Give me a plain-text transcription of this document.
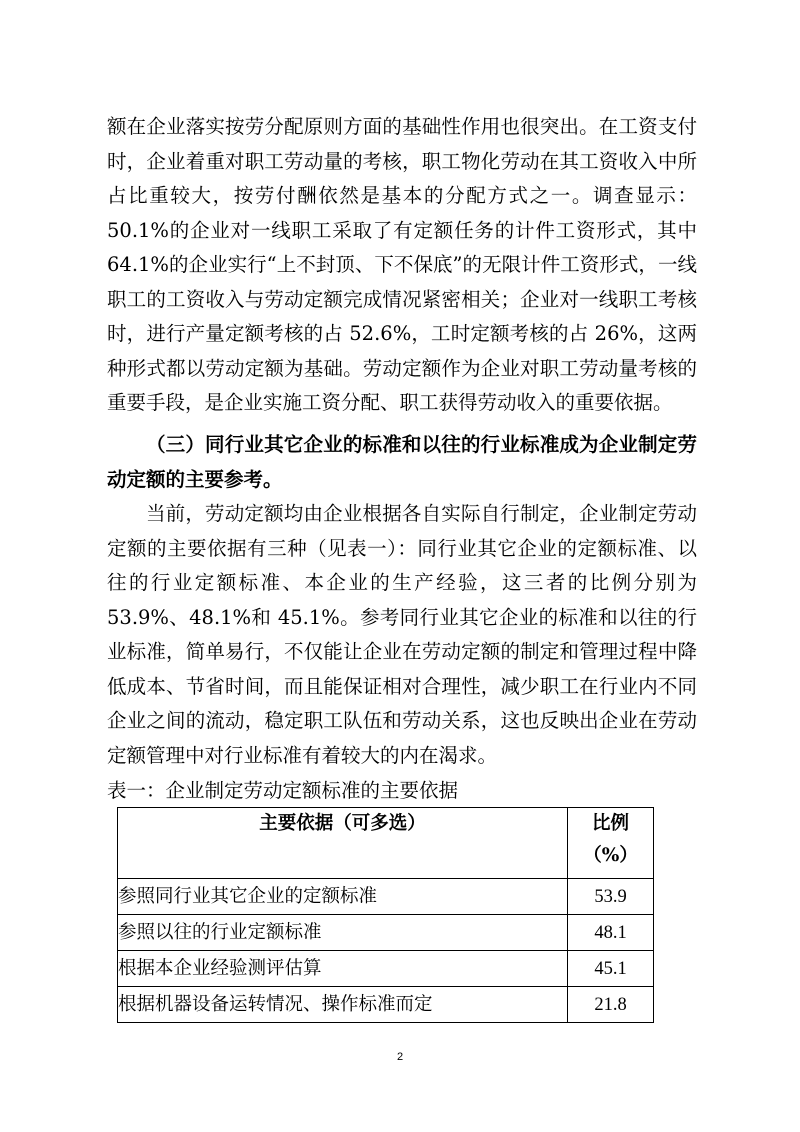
额在企业落实按劳分配原则方面的基础性作用也很突出。在工资支付时，企业着重对职工劳动量的考核，职工物化劳动在其工资收入中所占比重较大，按劳付酬依然是基本的分配方式之一。调查显示：50.1%的企业对一线职工采取了有定额任务的计件工资形式，其中 64.1%的企业实行“上不封顶、下不保底”的无限计件工资形式，一线职工的工资收入与劳动定额完成情况紧密相关；企业对一线职工考核时，进行产量定额考核的占 52.6%，工时定额考核的占 26%，这两种形式都以劳动定额为基础。劳动定额作为企业对职工劳动量考核的重要手段，是企业实施工资分配、职工获得劳动收入的重要依据。

（三）同行业其它企业的标准和以往的行业标准成为企业制定劳动定额的主要参考。

当前，劳动定额均由企业根据各自实际自行制定，企业制定劳动定额的主要依据有三种（见表一）：同行业其它企业的定额标准、以往的行业定额标准、本企业的生产经验，这三者的比例分别为 53.9%、48.1%和 45.1%。参考同行业其它企业的标准和以往的行业标准，简单易行，不仅能让企业在劳动定额的制定和管理过程中降低成本、节省时间，而且能保证相对合理性，减少职工在行业内不同企业之间的流动，稳定职工队伍和劳动关系，这也反映出企业在劳动定额管理中对行业标准有着较大的内在渴求。

表一：企业制定劳动定额标准的主要依据

主要依据（可多选）	比例
（%）

参照同行业其它企业的定额标准	53.9
参照以往的行业定额标准	48.1
根据本企业经验测评估算	45.1
根据机器设备运转情况、操作标准而定	21.8
2
